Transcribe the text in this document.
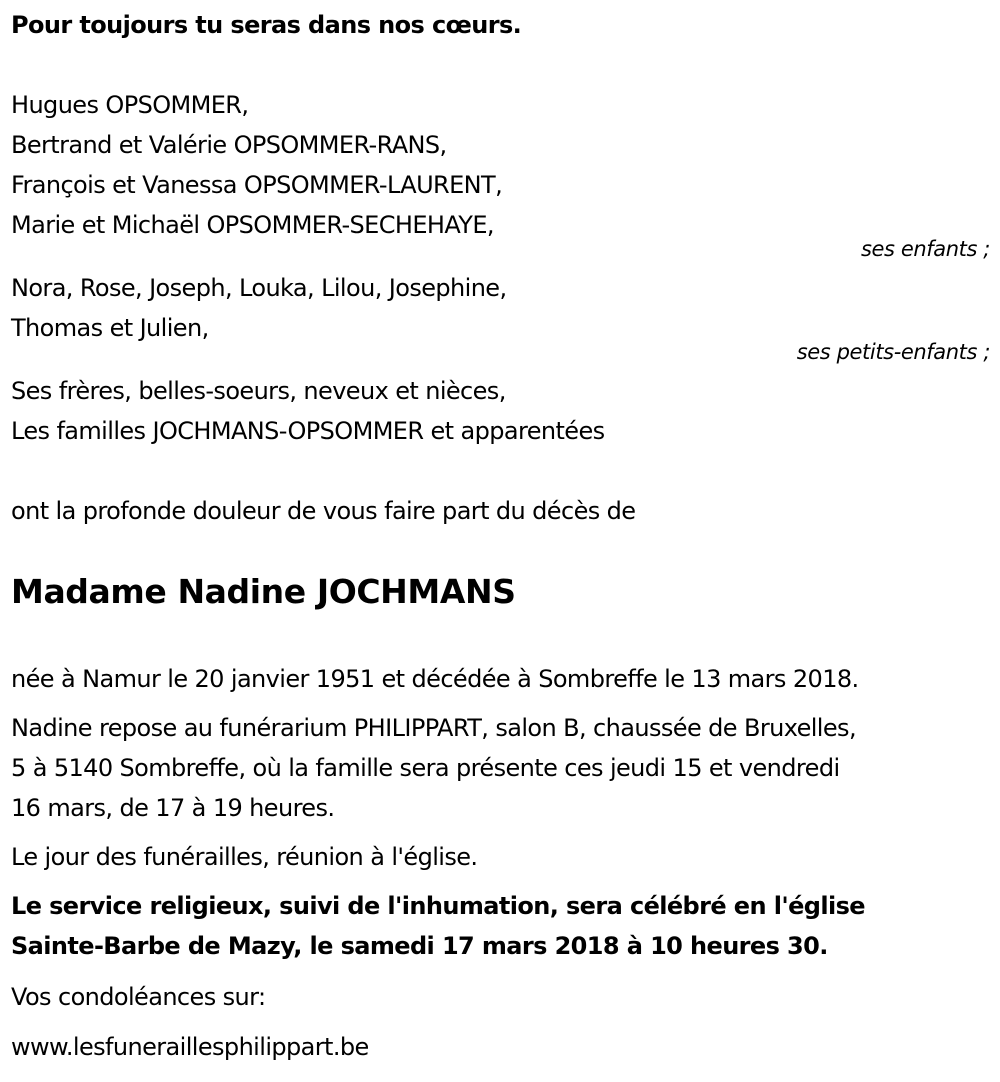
Pour toujours tu seras dans nos cœurs.
Hugues OPSOMMER,
Bertrand et Valérie OPSOMMER-RANS,
François et Vanessa OPSOMMER-LAURENT,
Marie et Michaël OPSOMMER-SECHEHAYE,
ses enfants ;
Nora, Rose, Joseph, Louka, Lilou, Josephine,
Thomas et Julien,
ses petits-enfants ;
Ses frères, belles-soeurs, neveux et nièces,
Les familles JOCHMANS-OPSOMMER et apparentées
ont la profonde douleur de vous faire part du décès de
Madame Nadine JOCHMANS
née à Namur le 20 janvier 1951 et décédée à Sombreffe le 13 mars 2018.
Nadine repose au funérarium PHILIPPART, salon B, chaussée de Bruxelles,
5 à 5140 Sombreffe, où la famille sera présente ces jeudi 15 et vendredi
16 mars, de 17 à 19 heures.
Le jour des funérailles, réunion à l'église.
Le service religieux, suivi de l'inhumation, sera célébré en l'église
Sainte-Barbe de Mazy, le samedi 17 mars 2018 à 10 heures 30.
Vos condoléances sur:
www.lesfuneraillesphilippart.be
